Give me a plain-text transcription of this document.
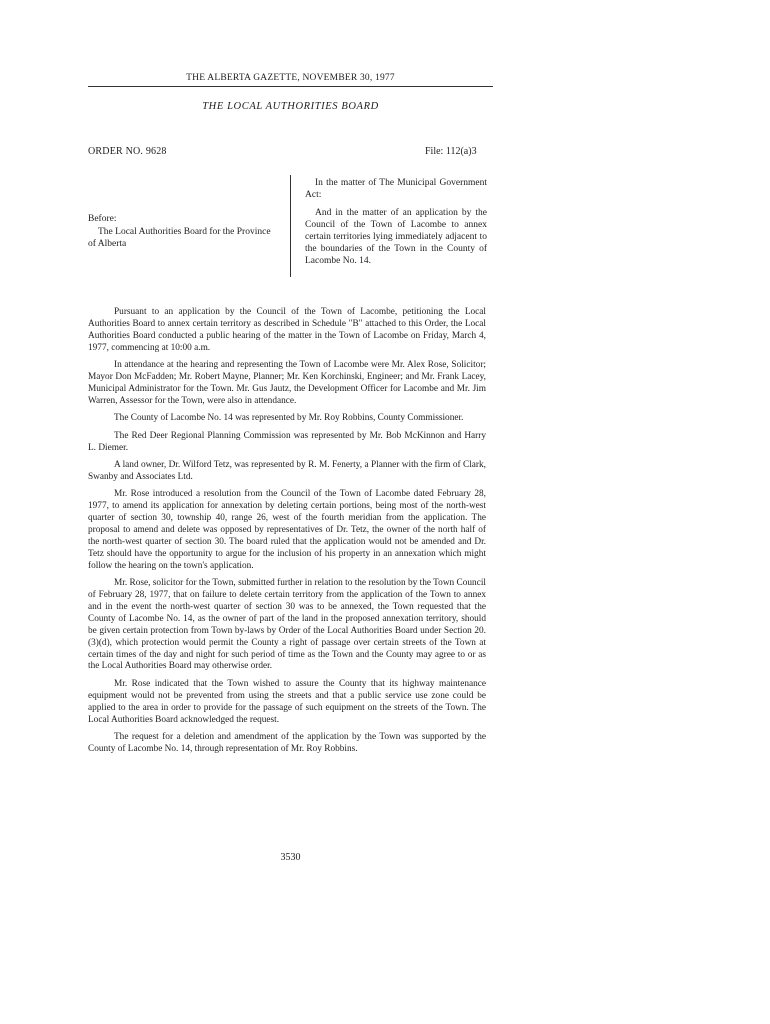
THE ALBERTA GAZETTE, NOVEMBER 30, 1977
THE LOCAL AUTHORITIES BOARD
ORDER NO. 9628	File: 112(a)3

In the matter of The Municipal Government Act:

And in the matter of an application by the Council of the Town of Lacombe to annex certain territories lying immediately adjacent to the boundaries of the Town in the County of Lacombe No. 14.

Before:
The Local Authorities Board for the Province of Alberta

Pursuant to an application by the Council of the Town of Lacombe, petitioning the Local Authorities Board to annex certain territory as described in Schedule "B" attached to this Order, the Local Authorities Board conducted a public hearing of the matter in the Town of Lacombe on Friday, March 4, 1977, commencing at 10:00 a.m.

In attendance at the hearing and representing the Town of Lacombe were Mr. Alex Rose, Solicitor; Mayor Don McFadden; Mr. Robert Mayne, Planner; Mr. Ken Korchinski, Engineer; and Mr. Frank Lacey, Municipal Administrator for the Town. Mr. Gus Jautz, the Development Officer for Lacombe and Mr. Jim Warren, Assessor for the Town, were also in attendance.

The County of Lacombe No. 14 was represented by Mr. Roy Robbins, County Commissioner.

The Red Deer Regional Planning Commission was represented by Mr. Bob McKinnon and Harry L. Diemer.

A land owner, Dr. Wilford Tetz, was represented by R. M. Fenerty, a Planner with the firm of Clark, Swanby and Associates Ltd.

Mr. Rose introduced a resolution from the Council of the Town of Lacombe dated February 28, 1977, to amend its application for annexation by deleting certain portions, being most of the north-west quarter of section 30, township 40, range 26, west of the fourth meridian from the application. The proposal to amend and delete was opposed by representatives of Dr. Tetz, the owner of the north half of the north-west quarter of section 30. The board ruled that the application would not be amended and Dr. Tetz should have the opportunity to argue for the inclusion of his property in an annexation which might follow the hearing on the town's application.

Mr. Rose, solicitor for the Town, submitted further in relation to the resolution by the Town Council of February 28, 1977, that on failure to delete certain territory from the application of the Town to annex and in the event the north-west quarter of section 30 was to be annexed, the Town requested that the County of Lacombe No. 14, as the owner of part of the land in the proposed annexation territory, should be given certain protection from Town by-laws by Order of the Local Authorities Board under Section 20.(3)(d), which protection would permit the County a right of passage over certain streets of the Town at certain times of the day and night for such period of time as the Town and the County may agree to or as the Local Authorities Board may otherwise order.

Mr. Rose indicated that the Town wished to assure the County that its highway maintenance equipment would not be prevented from using the streets and that a public service use zone could be applied to the area in order to provide for the passage of such equipment on the streets of the Town. The Local Authorities Board acknowledged the request.

The request for a deletion and amendment of the application by the Town was supported by the County of Lacombe No. 14, through representation of Mr. Roy Robbins.

3530
